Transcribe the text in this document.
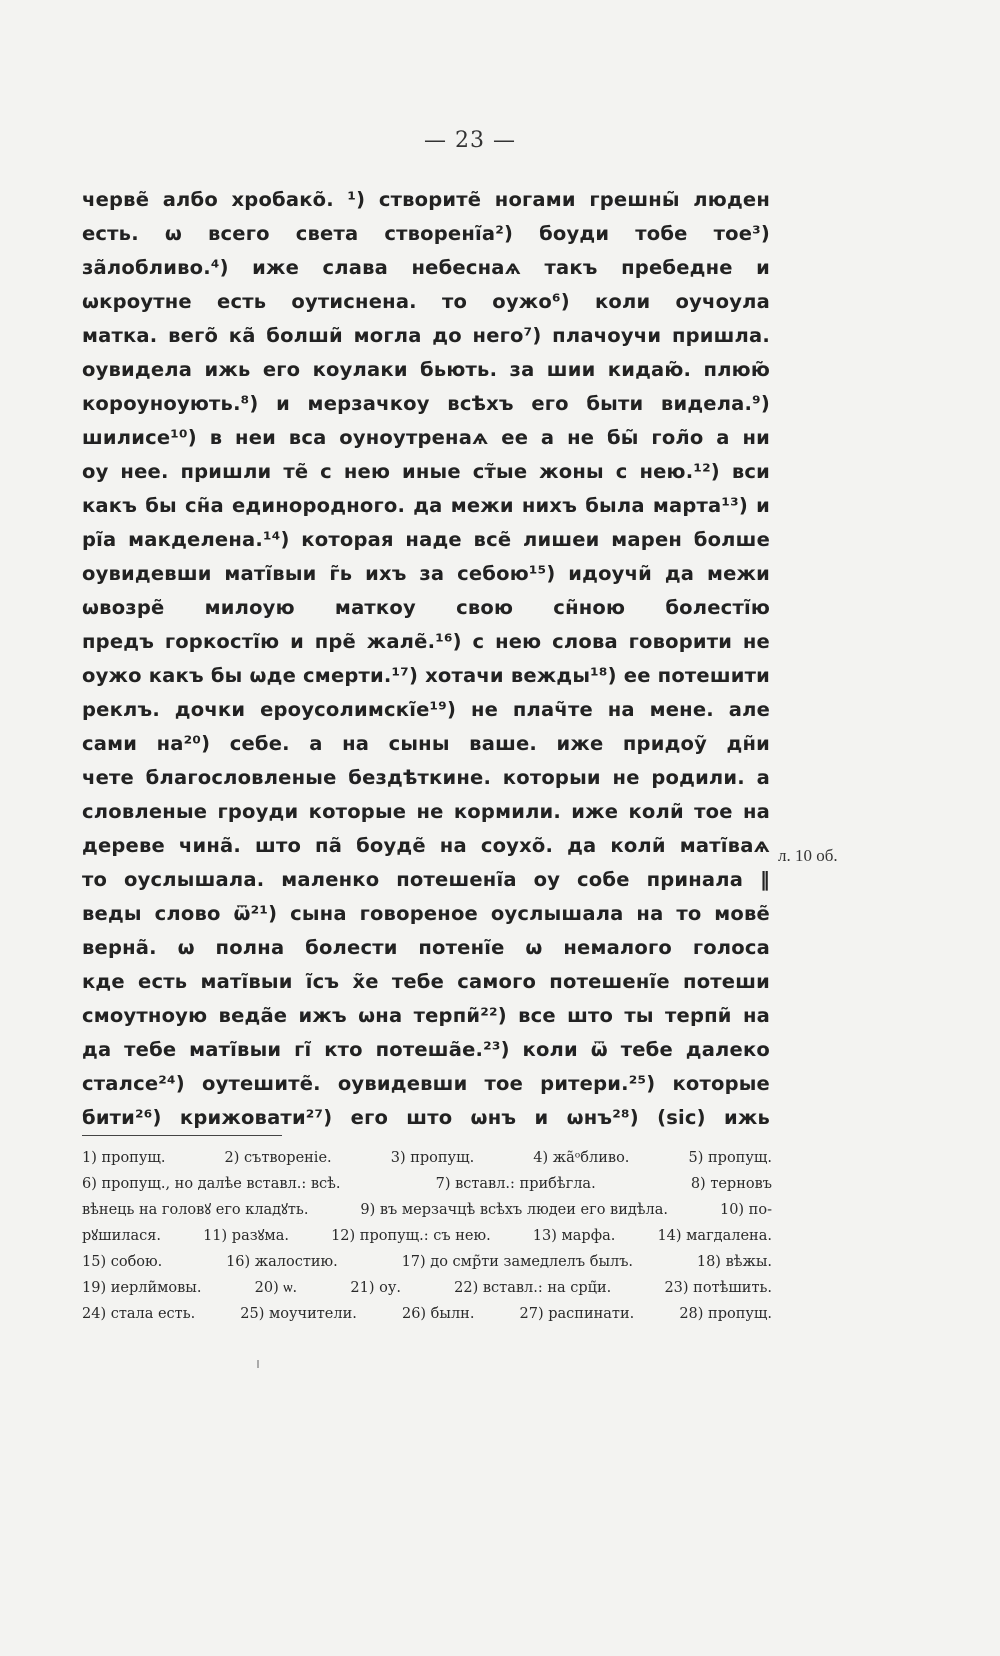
— 23 —
черве̃ албо хробако̃. ¹) створите̃ ногами грешны̃ люден
есть. ѡ всего света створенı̃а²) боуди тобе тое³)
за̃лобливо.⁴) иже слава небеснаѧ такъ пребедне и
ѡкроутне есть оутиснена. то оужо⁶) коли оучоула
матка. вего̃ ка̃ болши̃ могла до него⁷) плачоучи пришла.
оувидела ижь его коулаки бьють. за шии кидаю̃. плюю̃
короуноують.⁸) и мерзачкоу всѣхъ его быти видела.⁹)
шилисе¹⁰) в неи вса оуноутренаѧ ее а не бы̃ гол̃о а ни
оу нее. пришли те̃ с нею иные ст̃ые жоны с нею.¹²) вси
какъ бы сн̃а единородного. да межи нихъ была марта¹³) и
рı̃а макделена.¹⁴) которая наде все̃ лишеи марен болше
оувидевши матı̃выи г̃ь ихъ за себою¹⁵) идоучи̃ да межи
ѡвозре̃ милоую маткоу свою сн̃ною болестı̃ю
предъ горкостı̃ю и пре̃ жале̃.¹⁶) с нею слова говорити не
оужо какъ бы ѡде смерти.¹⁷) хотачи вежды¹⁸) ее потешити
реклъ. дочки ероусолимскı̃е¹⁹) не плач̃те на мене. але
сами на²⁰) себе. а на сыны ваше. иже придоу̃ дн̃и
чете благословленые бездѣткине. которыи не родили. а
словленые гроуди которые не кормили. иже коли̃ тое на
дереве чина̃. што па̃ боуде̃ на соухо̃. да коли̃ матı̃ваѧ
то оуслышала. маленко потешенı̃а оу собе принала ‖
веды слово ѿ²¹) сына говореное оуслышала на то мове̃
верна̃. ѡ полна болести потенı̃е ѡ немалого голоса
кде есть матı̃выи ı̃съ х̃е тебе самого потешенı̃е потеши
смоутноую веда̃е ижъ ѡна терпи̃²²) все што ты терпи̃ на
да тебе матı̃выи гı̃ кто потеша̃е.²³) коли ѿ тебе далеко
сталсе²⁴) оутешите̃. оувидевши тое ритери.²⁵) которые
бити²⁶) крижовати²⁷) его што ѡнъ и ѡнъ²⁸) (sic) ижь
л. 10 об.
1) пропущ.	2) сътворенiе.	3) пропущ.	4) жа̃ᵒбливо.	5) пропущ.
6) пропущ., но далѣе вставл.: всѣ.	7) вставл.: прибѣгла.	8) терновъ
вѣнець на головꙋ его кладꙋть.	9) въ мерзачцѣ всѣхъ людеи его видѣла.	10) по-
рꙋшилася.	11) разꙋма.	12) пропущ.: съ нею.	13) марфа.	14) магдалена.
15) собою.	16) жалостию.	17) до смр̃ти замедлелъ былъ.	18) вѣжы.
19) иерли̃мовы.	20) ѡ.	21) оу.	22) вставл.: на срц̃и.	23) потѣшить.
24) стала есть.	25) моучители.	26) былн.	27) распинати.	28) пропущ.
